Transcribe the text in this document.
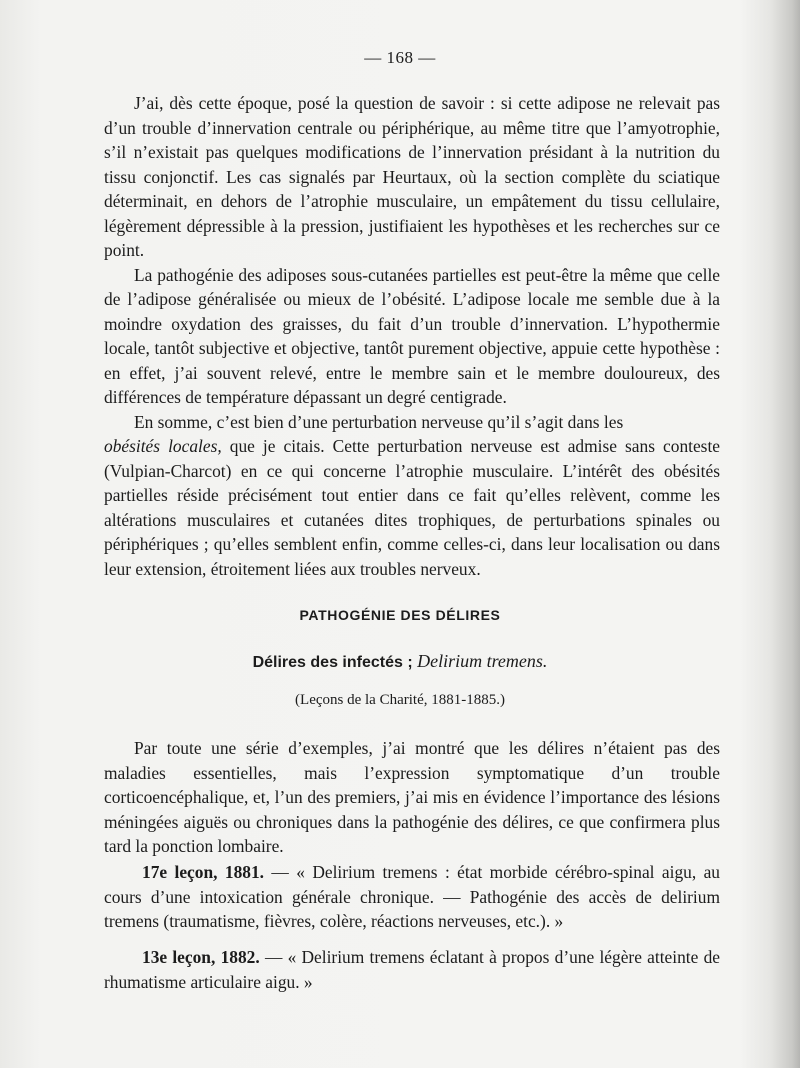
— 168 —

J’ai, dès cette époque, posé la question de savoir : si cette adipose ne relevait pas d’un trouble d’innervation centrale ou périphérique, au même titre que l’amyotrophie, s’il n’existait pas quelques modifications de l’innervation présidant à la nutrition du tissu conjonctif. Les cas signalés par Heurtaux, où la section complète du sciatique déterminait, en dehors de l’atrophie musculaire, un empâtement du tissu cellulaire, légèrement dépressible à la pression, justifiaient les hypothèses et les recherches sur ce point.

La pathogénie des adiposes sous-cutanées partielles est peut-être la même que celle de l’adipose généralisée ou mieux de l’obésité. L’adipose locale me semble due à la moindre oxydation des graisses, du fait d’un trouble d’innervation. L’hypothermie locale, tantôt subjective et objective, tantôt purement objective, appuie cette hypothèse : en effet, j’ai souvent relevé, entre le membre sain et le membre douloureux, des différences de température dépassant un degré centigrade.

En somme, c’est bien d’une perturbation nerveuse qu’il s’agit dans les
obésités locales, que je citais. Cette perturbation nerveuse est admise sans conteste (Vulpian-Charcot) en ce qui concerne l’atrophie musculaire. L’intérêt des obésités partielles réside précisément tout entier dans ce fait qu’elles relèvent, comme les altérations musculaires et cutanées dites trophiques, de perturbations spinales ou périphériques ; qu’elles semblent enfin, comme celles-ci, dans leur localisation ou dans leur extension, étroitement liées aux troubles nerveux.

PATHOGÉNIE DES DÉLIRES
Délires des infectés ; Delirium tremens.
(Leçons de la Charité, 1881-1885.)

Par toute une série d’exemples, j’ai montré que les délires n’étaient pas des maladies essentielles, mais l’expression symptomatique d’un trouble corticoencéphalique, et, l’un des premiers, j’ai mis en évidence l’importance des lésions méningées aiguës ou chroniques dans la pathogénie des délires, ce que confirmera plus tard la ponction lombaire.

17e leçon, 1881. — « Delirium tremens : état morbide cérébro-spinal aigu, au cours d’une intoxication générale chronique. — Pathogénie des accès de delirium tremens (traumatisme, fièvres, colère, réactions nerveuses, etc.). »

13e leçon, 1882. — « Delirium tremens éclatant à propos d’une légère atteinte de rhumatisme articulaire aigu. »
